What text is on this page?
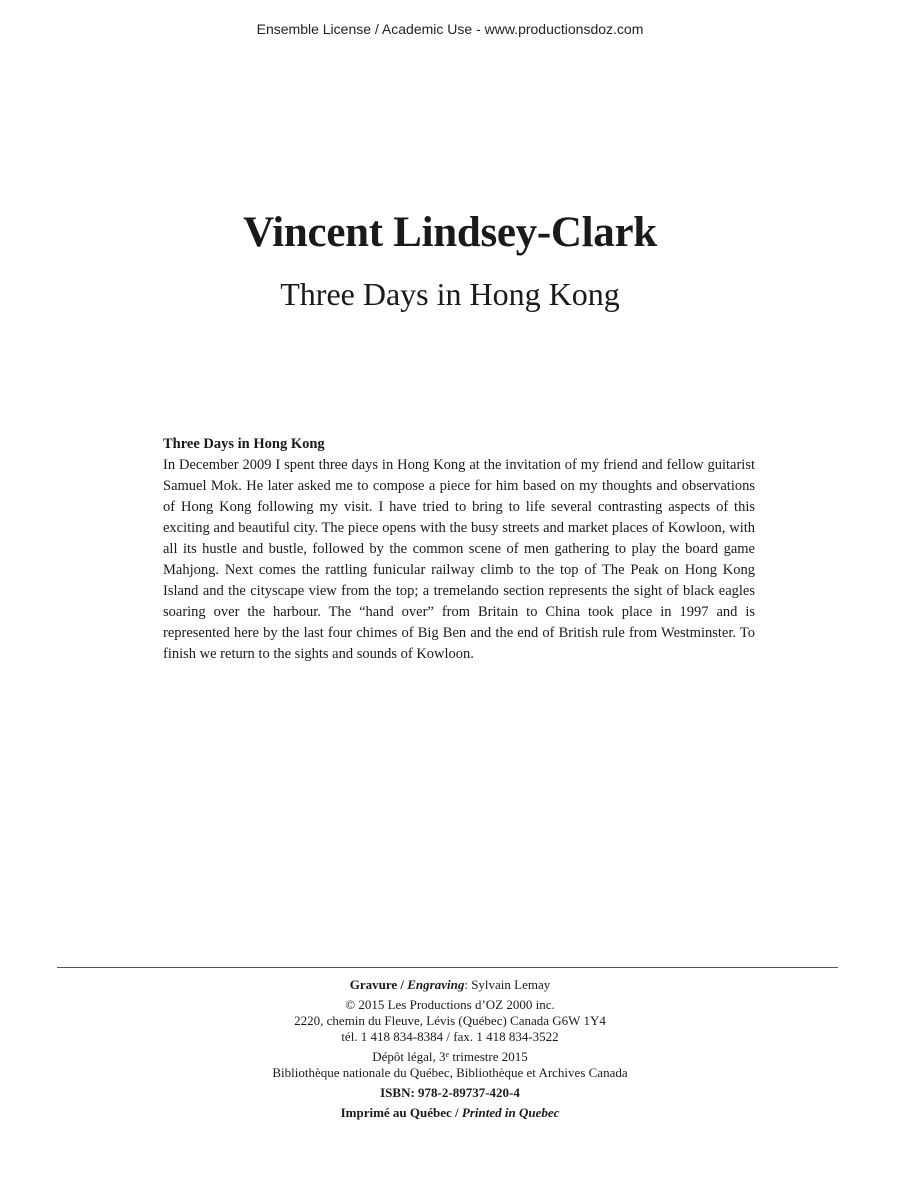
Ensemble License / Academic Use - www.productionsdoz.com
Vincent Lindsey-Clark
Three Days in Hong Kong

Three Days in Hong Kong

In December 2009 I spent three days in Hong Kong at the invitation of my friend and fellow guitarist Samuel Mok. He later asked me to compose a piece for him based on my thoughts and observations of Hong Kong following my visit. I have tried to bring to life several contrasting aspects of this exciting and beautiful city. The piece opens with the busy streets and market places of Kowloon, with all its hustle and bustle, followed by the common scene of men gathering to play the board game Mahjong. Next comes the rattling funicular railway climb to the top of The Peak on Hong Kong Island and the cityscape view from the top; a tremelando section represents the sight of black eagles soaring over the harbour. The “hand over” from Britain to China took place in 1997 and is represented here by the last four chimes of Big Ben and the end of British rule from Westminster. To finish we return to the sights and sounds of Kowloon.

Gravure / Engraving: Sylvain Lemay
© 2015 Les Productions d’OZ 2000 inc.
2220, chemin du Fleuve, Lévis (Québec) Canada G6W 1Y4
tél. 1 418 834-8384 / fax. 1 418 834-3522
Dépôt légal, 3e trimestre 2015
Bibliothèque nationale du Québec, Bibliothèque et Archives Canada
ISBN: 978-2-89737-420-4
Imprimé au Québec / Printed in Quebec
